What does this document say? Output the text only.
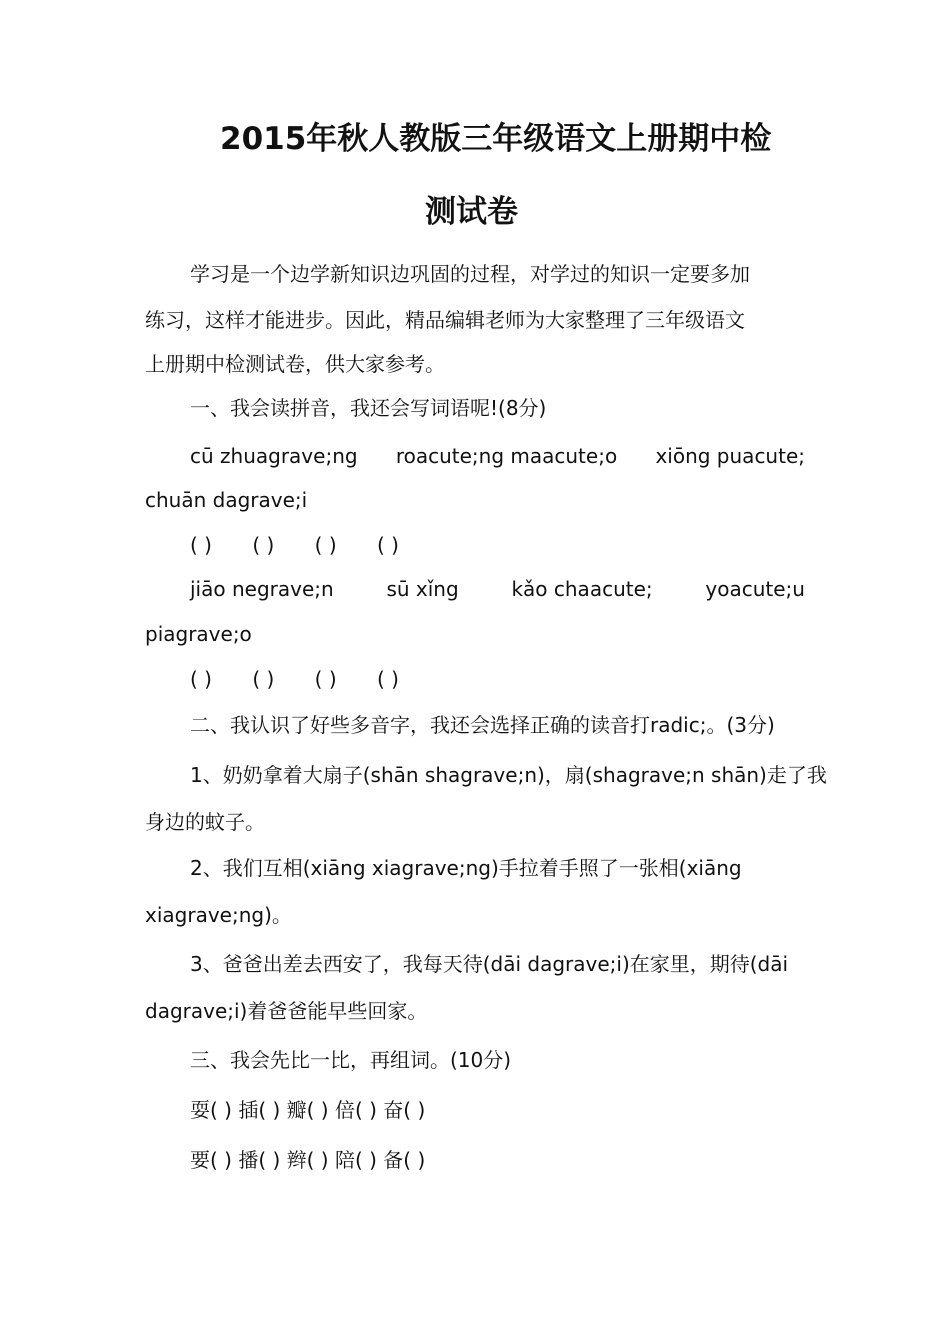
2015年秋人教版三年级语文上册期中检
测试卷
学习是一个边学新知识边巩固的过程，对学过的知识一定要多加
练习，这样才能进步。因此，精品编辑老师为大家整理了三年级语文
上册期中检测试卷，供大家参考。
一、我会读拼音，我还会写词语呢!(8分)
cū zhuagrave;ng roacute;ng maacute;o xiōng puacute;
chuān dagrave;i
( ) ( ) ( ) ( )
jiāo negrave;n	sū xǐng	kǎo chaacute;	yoacute;u
piagrave;o
( ) ( ) ( ) ( )
二、我认识了好些多音字，我还会选择正确的读音打radic;。(3分)
1、奶奶拿着大扇子(shān shagrave;n)，扇(shagrave;n shān)走了我
身边的蚊子。
2、我们互相(xiāng xiagrave;ng)手拉着手照了一张相(xiāng
xiagrave;ng)。
3、爸爸出差去西安了，我每天待(dāi dagrave;i)在家里，期待(dāi
dagrave;i)着爸爸能早些回家。
三、我会先比一比，再组词。(10分)
耍( ) 插( ) 瓣( ) 倍( ) 奋( )
要( ) 播( ) 辫( ) 陪( ) 备( )
